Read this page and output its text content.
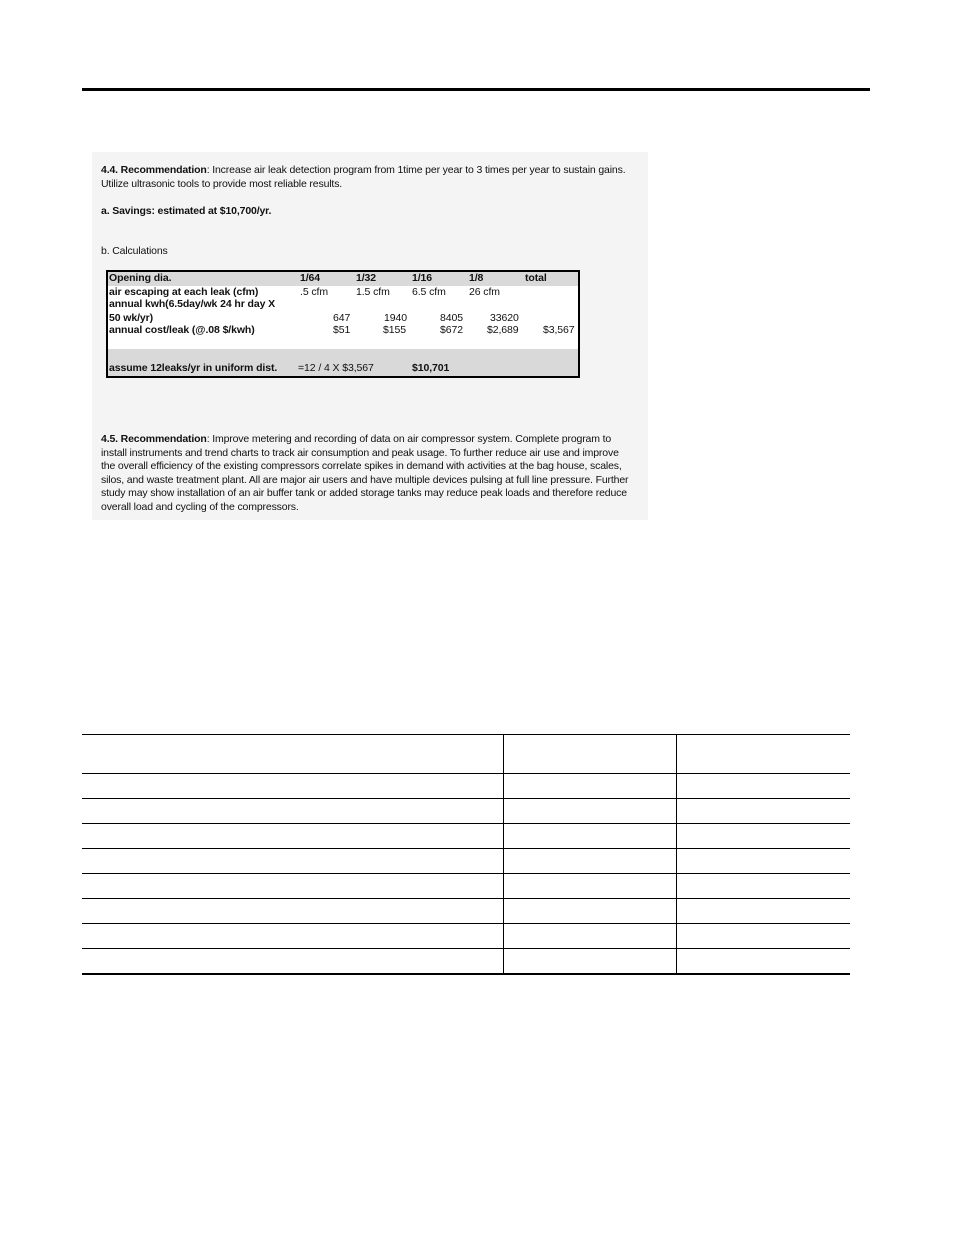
4.4. Recommendation: Increase air leak detection program from 1time per year to 3 times per year to sustain gains. Utilize ultrasonic tools to provide most reliable results.

a. Savings: estimated at $10,700/yr.

b. Calculations

Opening dia.	1/64	1/32	1/16	1/8	total
air escaping at each leak (cfm)	.5 cfm	1.5 cfm 6.5 cfm 26 cfm
annual kwh(6.5day/wk 24 hr day X
50 wk/yr)	647	1940	8405	33620
annual cost/leak (@.08 $/kwh)	$51	$155	$672 $2,689 $3,567
assume 12leaks/yr in uniform dist. =12 / 4 X $3,567	$10,701

4.5. Recommendation: Improve metering and recording of data on air compressor system. Complete program to install instruments and trend charts to track air consumption and peak usage. To further reduce air use and improve the overall efficiency of the existing compressors correlate spikes in demand with activities at the bag house, scales, silos, and waste treatment plant. All are major air users and have multiple devices pulsing at full line pressure. Further study may show installation of an air buffer tank or added storage tanks may reduce peak loads and therefore reduce overall load and cycling of the compressors.
